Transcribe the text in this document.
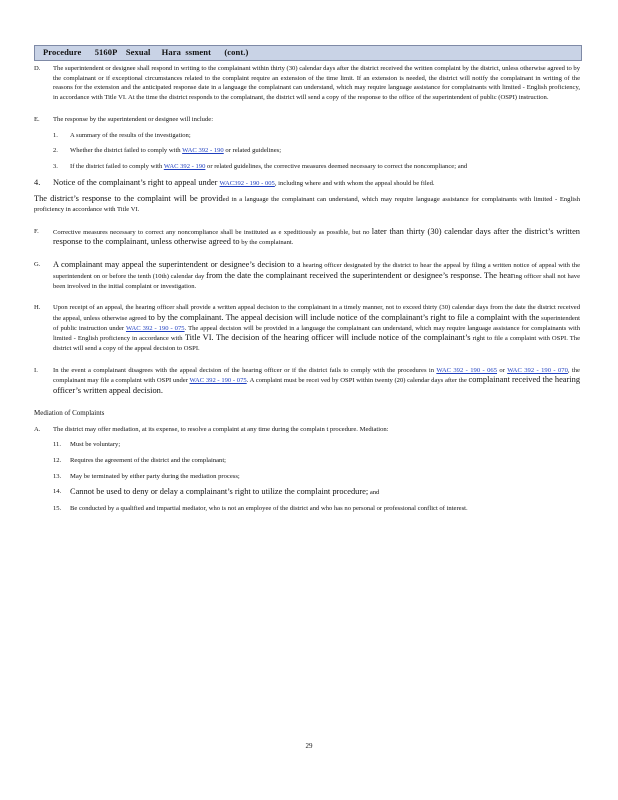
Procedure      5160P    Sexual     Hara  ssment      (cont.)

D. The superintendent or designee shall respond in writing to the complainant within thirty (30) calendar days after the district received the written complaint by the district, unless otherwise agreed to by the complainant or if exceptional circumstances related to the complaint require an extension of the time limit. If an extension is needed, the district will notify the complainant in writing of the reasons for the extension and the anticipated response date in a language the complainant can understand, which may require language assistance for complainants with limited - English proficiency, in accordance with Title VI. At the time the district responds to the complainant, the district will send a copy of the response to the office of the superintendent of public (OSPI) instruction.

E. The response by the superintendent or designee will include:

1. A summary of the results of the investigation;
2. Whether the district failed to comply with WAC 392 - 190 or related guidelines;
3. If the district failed to comply with WAC 392 - 190 or related guidelines, the corrective measures deemed necessary to correct the noncompliance; and
4. Notice of the complainant’s right to appeal under WAC392 - 190 - 005, including where and with whom the appeal should be filed.

The district’s response to the complaint will be provided in a language the complainant can understand, which may require language assistance for complainants with limited - English proficiency in accordance with Title VI.

F. Corrective measures necessary to correct any noncompliance shall be instituted as e xpeditiously as possible, but no later than thirty (30) calendar days after the district’s written response to the complainant, unless otherwise agreed to by the complainant.

G. A complainant may appeal the superintendent or designee’s decision to a hearing officer designated by the district to hear the appeal by filing a written notice of appeal with the superintendent on or before the tenth (10th) calendar day from the date the complainant received the superintendent or designee’s response. The hearing officer shall not have been involved in the initial complaint or investigation.

H. Upon receipt of an appeal, the hearing officer shall provide a written appeal decision to the complainant in a timely manner, not to exceed thirty (30) calendar days from the date the district received the appeal, unless otherwise agreed to by the complainant. The appeal decision will include notice of the complainant’s right to file a complaint with the superintendent of public instruction under WAC 392 - 190 - 075. The appeal decision will be provided in a language the complainant can understand, which may require language assistance for complainants with limited - English proficiency in accordance with Title VI. The decision of the hearing officer will include notice of the complainant’s right to file a complaint with OSPI. The district will send a copy of the appeal decision to OSPI.

I. In the event a complainant disagrees with the appeal decision of the hearing officer or if the district fails to comply with the procedures in WAC 392 - 190 - 065 or WAC 392 - 190 - 070, the complainant may file a complaint with OSPI under WAC 392 - 190 - 075. A complaint must be recei ved by OSPI within twenty (20) calendar days after the complainant received the hearing officer’s written appeal decision.

Mediation of Complaints

A. The district may offer mediation, at its expense, to resolve a complaint at any time during the complain t procedure. Mediation:

11. Must be voluntary;
12. Requires the agreement of the district and the complainant;
13. May be terminated by either party during the mediation process;
14. Cannot be used to deny or delay a complainant’s right to utilize the complaint procedure; and
15. Be conducted by a qualified and impartial mediator, who is not an employee of the district and who has no personal or professional conflict of interest.
29
